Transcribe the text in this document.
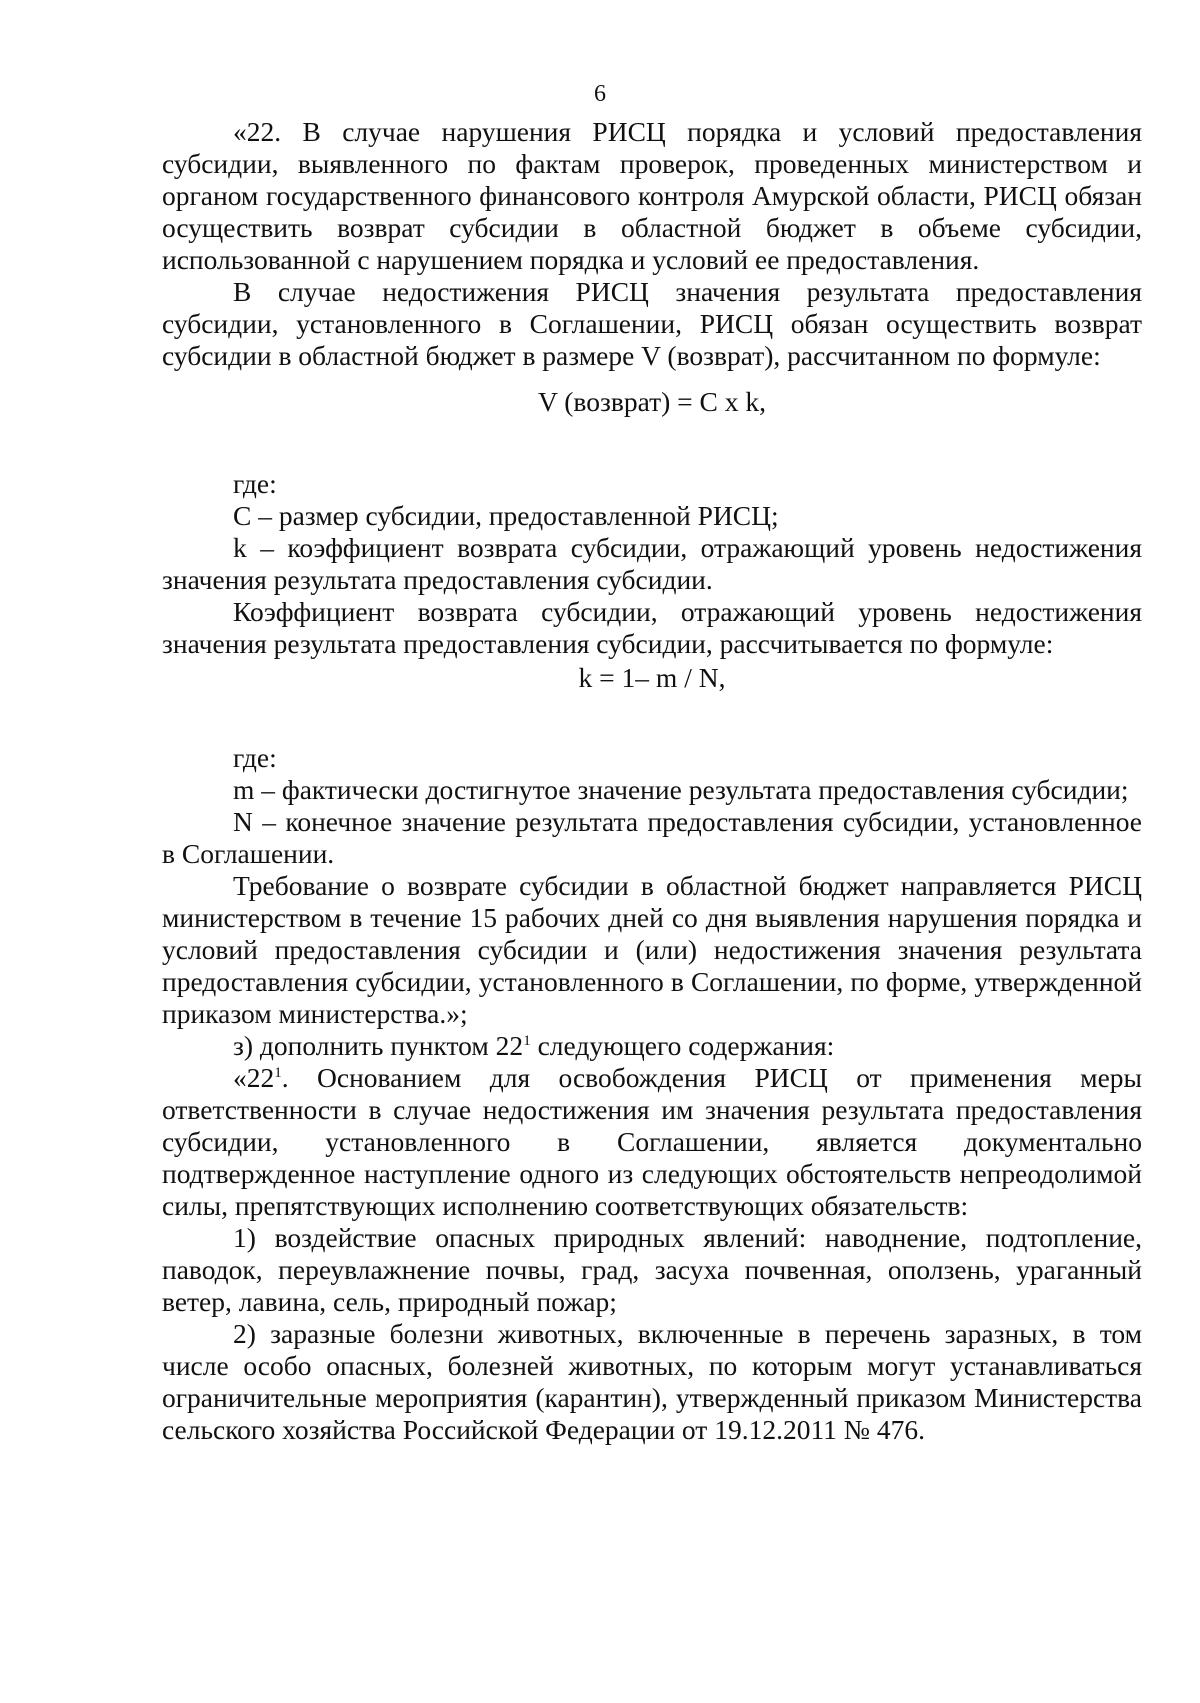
6

«22. В случае нарушения РИСЦ порядка и условий предоставления субсидии, выявленного по фактам проверок, проведенных министерством и органом государственного финансового контроля Амурской области, РИСЦ обязан осуществить возврат субсидии в областной бюджет в объеме субсидии, использованной с нарушением порядка и условий ее предоставления.

В случае недостижения РИСЦ значения результата предоставления субсидии, установленного в Соглашении, РИСЦ обязан осуществить возврат субсидии в областной бюджет в размере V (возврат), рассчитанном по формуле:

V (возврат) = C x k,

где:

С – размер субсидии, предоставленной РИСЦ;

k – коэффициент возврата субсидии, отражающий уровень недостижения значения результата предоставления субсидии.

Коэффициент возврата субсидии, отражающий уровень недостижения значения результата предоставления субсидии, рассчитывается по формуле:

k = 1– m / N,

где:

m – фактически достигнутое значение результата предоставления субсидии;

N – конечное значение результата предоставления субсидии, установленное в Соглашении.

Требование о возврате субсидии в областной бюджет направляется РИСЦ министерством в течение 15 рабочих дней со дня выявления нарушения порядка и условий предоставления субсидии и (или) недостижения значения результата предоставления субсидии, установленного в Соглашении, по форме, утвержденной приказом министерства.»;

з) дополнить пунктом $22^1$ следующего содержания:

«$22^1$. Основанием для освобождения РИСЦ от применения меры ответственности в случае недостижения им значения результата предоставления субсидии, установленного в Соглашении, является документально подтвержденное наступление одного из следующих обстоятельств непреодолимой силы, препятствующих исполнению соответствующих обязательств:

1) воздействие опасных природных явлений: наводнение, подтопление, паводок, переувлажнение почвы, град, засуха почвенная, оползень, ураганный ветер, лавина, сель, природный пожар;

2) заразные болезни животных, включенные в перечень заразных, в том числе особо опасных, болезней животных, по которым могут устанавливаться ограничительные мероприятия (карантин), утвержденный приказом Министерства сельского хозяйства Российской Федерации от 19.12.2011 № 476.
